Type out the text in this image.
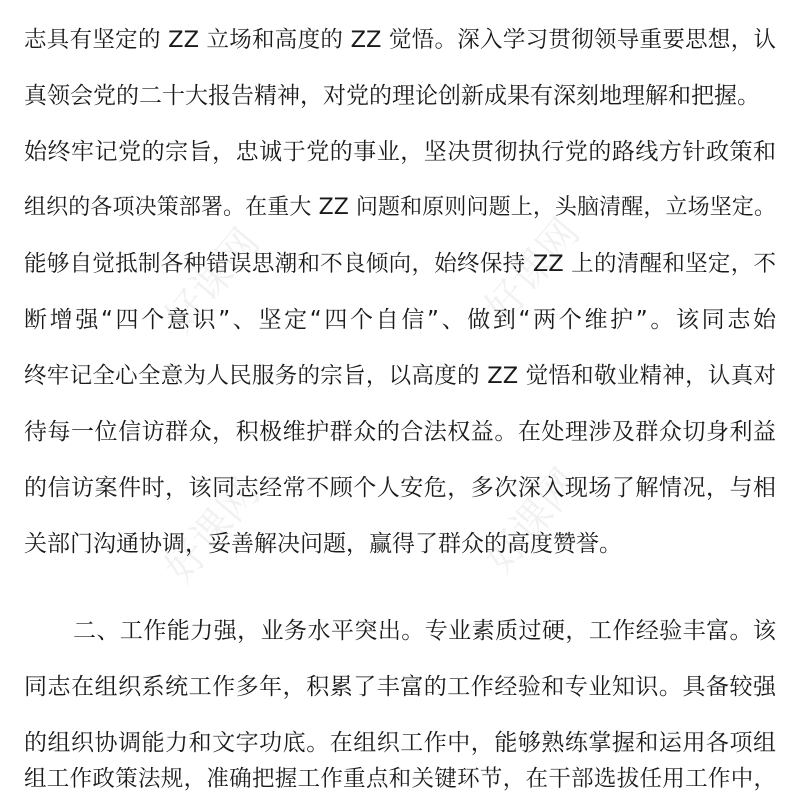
好课网	好课网
好课网	好课网
志具有坚定的 ZZ 立场和高度的 ZZ 觉悟。深入学习贯彻领导重要思想，认
真领会党的二十大报告精神，对党的理论创新成果有深刻地理解和把握。
始终牢记党的宗旨，忠诚于党的事业，坚决贯彻执行党的路线方针政策和
组织的各项决策部署。在重大 ZZ 问题和原则问题上，头脑清醒，立场坚定。
能够自觉抵制各种错误思潮和不良倾向，始终保持 ZZ 上的清醒和坚定，不
断增强“四个意识”、坚定“四个自信”、做到“两个维护”。该同志始
终牢记全心全意为人民服务的宗旨，以高度的 ZZ 觉悟和敬业精神，认真对
待每一位信访群众，积极维护群众的合法权益。在处理涉及群众切身利益
的信访案件时，该同志经常不顾个人安危，多次深入现场了解情况，与相
关部门沟通协调，妥善解决问题，赢得了群众的高度赞誉。
二、工作能力强，业务水平突出。专业素质过硬，工作经验丰富。该
同志在组织系统工作多年，积累了丰富的工作经验和专业知识。具备较强
的组织协调能力和文字功底。在组织工作中，能够熟练掌握和运用各项组
组工作政策法规，准确把握工作重点和关键环节，在干部选拔任用工作中，
